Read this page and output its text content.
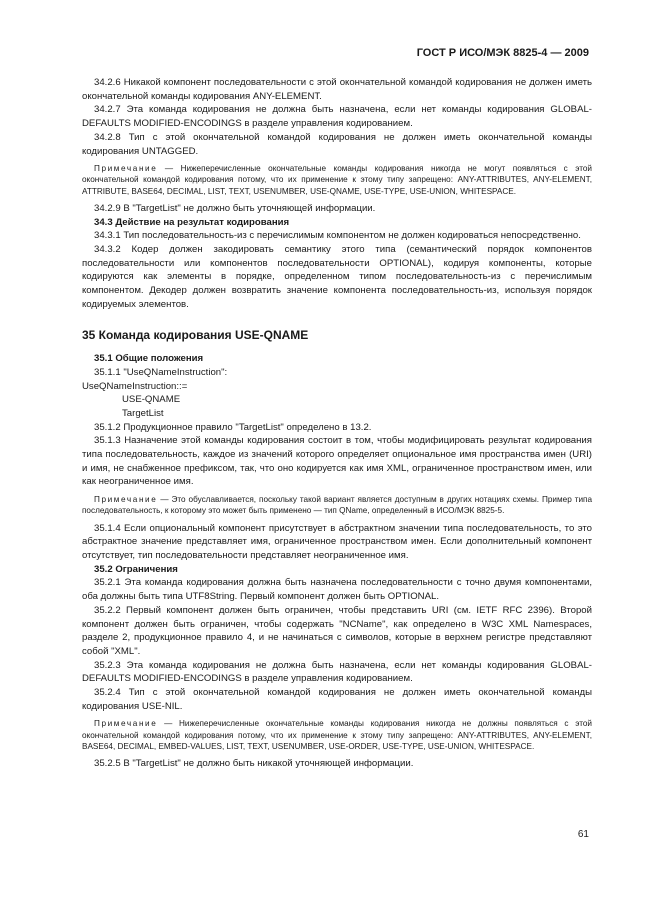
ГОСТ Р ИСО/МЭК 8825-4 — 2009

34.2.6 Никакой компонент последовательности с этой окончательной командой кодирования не должен иметь окончательной команды кодирования ANY-ELEMENT.

34.2.7 Эта команда кодирования не должна быть назначена, если нет команды кодирования GLOBAL-DEFAULTS MODIFIED-ENCODINGS в разделе управления кодированием.

34.2.8 Тип с этой окончательной командой кодирования не должен иметь окончательной команды кодирования UNTAGGED.

Примечание — Нижеперечисленные окончательные команды кодирования никогда не могут появляться с этой окончательной командой кодирования потому, что их применение к этому типу запрещено: ANY-ATTRIBUTES, ANY-ELEMENT, ATTRIBUTE, BASE64, DECIMAL, LIST, TEXT, USENUMBER, USE-QNAME, USE-TYPE, USE-UNION, WHITESPACE.

34.2.9 В "TargetList" не должно быть уточняющей информации.

34.3 Действие на результат кодирования

34.3.1 Тип последовательность-из с перечислимым компонентом не должен кодироваться непосредственно.

34.3.2 Кодер должен закодировать семантику этого типа (семантический порядок компонентов последовательности или компонентов последовательности OPTIONAL), кодируя компоненты, которые кодируются как элементы в порядке, определенном типом последовательность-из с перечислимым компонентом. Декодер должен возвратить значение компонента последовательность-из, используя порядок кодируемых элементов.

35 Команда кодирования USE-QNAME

35.1 Общие положения

35.1.1 "UseQNameInstruction":

UseQNameInstruction::=

USE-QNAME

TargetList

35.1.2 Продукционное правило "TargetList" определено в 13.2.

35.1.3 Назначение этой команды кодирования состоит в том, чтобы модифицировать результат кодирования типа последовательность, каждое из значений которого определяет опциональное имя пространства имен (URI) и имя, не снабженное префиксом, так, что оно кодируется как имя XML, ограниченное пространством имен, или как неограниченное имя.

Примечание — Это обуславливается, поскольку такой вариант является доступным в других нотациях схемы. Пример типа последовательность, к которому это может быть применено — тип QName, определенный в ИСО/МЭК 8825-5.

35.1.4 Если опциональный компонент присутствует в абстрактном значении типа последовательность, то это абстрактное значение представляет имя, ограниченное пространством имен. Если дополнительный компонент отсутствует, тип последовательности представляет неограниченное имя.

35.2 Ограничения

35.2.1 Эта команда кодирования должна быть назначена последовательности с точно двумя компонентами, оба должны быть типа UTF8String. Первый компонент должен быть OPTIONAL.

35.2.2 Первый компонент должен быть ограничен, чтобы представить URI (см. IETF RFC 2396). Второй компонент должен быть ограничен, чтобы содержать "NCName", как определено в W3C XML Namespaces, разделе 2, продукционное правило 4, и не начинаться с символов, которые в верхнем регистре представляют собой "XML".

35.2.3 Эта команда кодирования не должна быть назначена, если нет команды кодирования GLOBAL-DEFAULTS MODIFIED-ENCODINGS в разделе управления кодированием.

35.2.4 Тип с этой окончательной командой кодирования не должен иметь окончательной команды кодирования USE-NIL.

Примечание — Нижеперечисленные окончательные команды кодирования никогда не должны появляться с этой окончательной командой кодирования потому, что их применение к этому типу запрещено: ANY-ATTRIBUTES, ANY-ELEMENT, BASE64, DECIMAL, EMBED-VALUES, LIST, TEXT, USENUMBER, USE-ORDER, USE-TYPE, USE-UNION, WHITESPACE.

35.2.5 В "TargetList" не должно быть никакой уточняющей информации.

61
